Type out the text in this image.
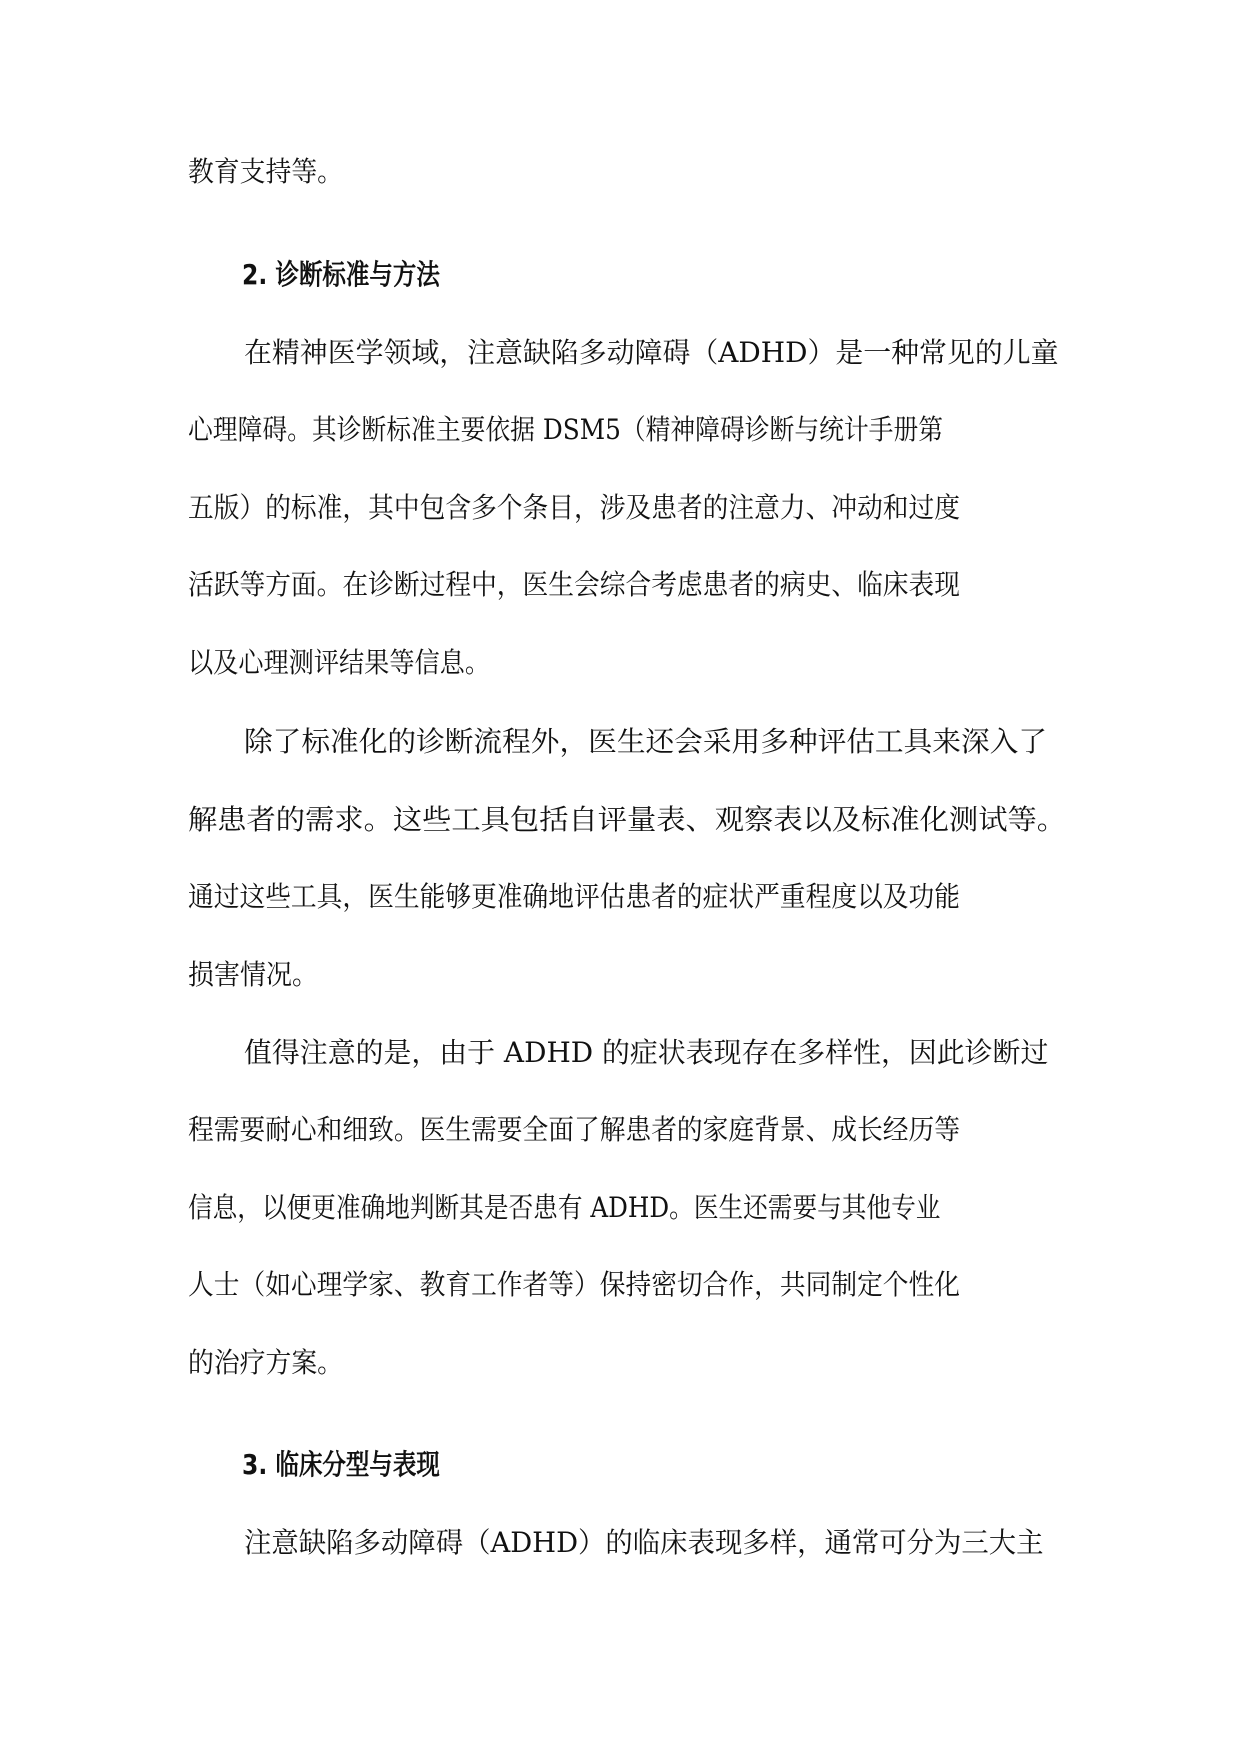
教育支持等。
2. 诊断标准与方法
在精神医学领域，注意缺陷多动障碍（ADHD）是一种常见的儿童
心理障碍。其诊断标准主要依据 DSM5（精神障碍诊断与统计手册第
五版）的标准，其中包含多个条目，涉及患者的注意力、冲动和过度
活跃等方面。在诊断过程中，医生会综合考虑患者的病史、临床表现
以及心理测评结果等信息。
除了标准化的诊断流程外，医生还会采用多种评估工具来深入了
解患者的需求。这些工具包括自评量表、观察表以及标准化测试等。
通过这些工具，医生能够更准确地评估患者的症状严重程度以及功能
损害情况。
值得注意的是，由于 ADHD 的症状表现存在多样性，因此诊断过
程需要耐心和细致。医生需要全面了解患者的家庭背景、成长经历等
信息，以便更准确地判断其是否患有 ADHD。医生还需要与其他专业
人士（如心理学家、教育工作者等）保持密切合作，共同制定个性化
的治疗方案。
3. 临床分型与表现
注意缺陷多动障碍（ADHD）的临床表现多样，通常可分为三大主
